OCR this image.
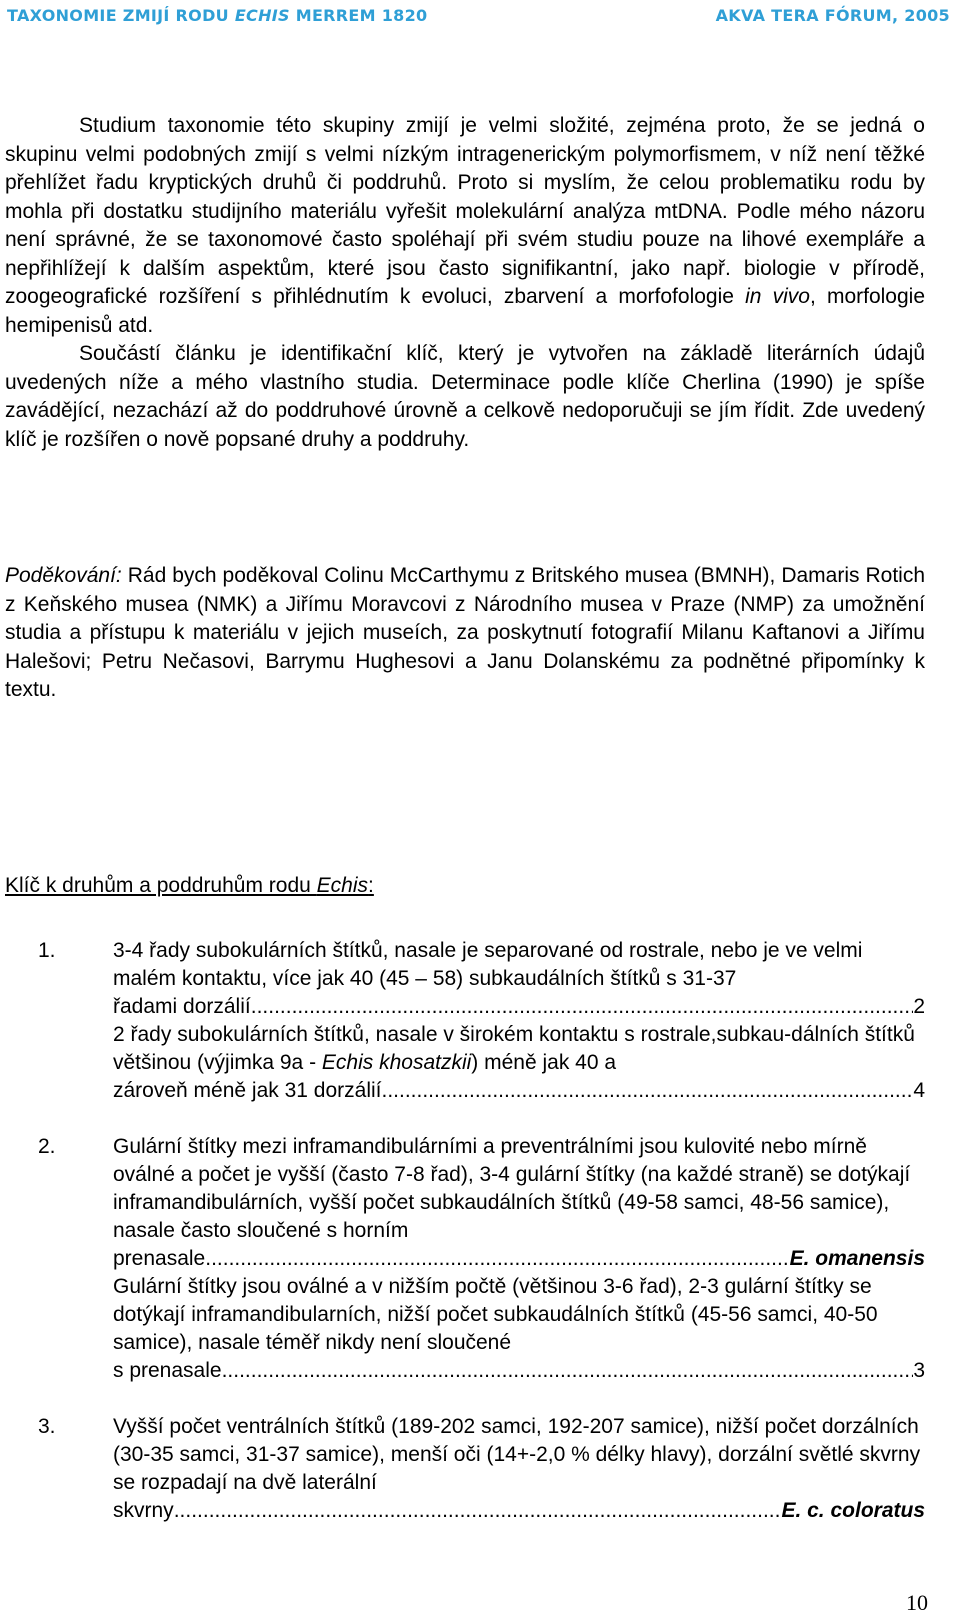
TAXONOMIE ZMIJÍ RODU ECHIS MERREM 1820	AKVA TERA FÓRUM, 2005

Studium taxonomie této skupiny zmijí je velmi složité, zejména proto, že se jedná o skupinu velmi podobných zmijí s velmi nízkým intragenerickým polymorfismem, v níž není těžké přehlížet řadu kryptických druhů či poddruhů. Proto si myslím, že celou problematiku rodu by mohla při dostatku studijního materiálu vyřešit molekulární analýza mtDNA. Podle mého názoru není správné, že se taxonomové často spoléhají při svém studiu pouze na lihové exempláře a nepřihlížejí k dalším aspektům, které jsou často signifikantní, jako např. biologie v přírodě, zoogeografické rozšíření s přihlédnutím k evoluci, zbarvení a morfofologie in vivo, morfologie hemipenisů atd.

Součástí článku je identifikační klíč, který je vytvořen na základě literárních údajů uvedených níže a mého vlastního studia. Determinace podle klíče Cherlina (1990) je spíše zavádějící, nezachází až do poddruhové úrovně a celkově nedoporučuji se jím řídit. Zde uvedený klíč je rozšířen o nově popsané druhy a poddruhy.

Poděkování: Rád bych poděkoval Colinu McCarthymu z Britského musea (BMNH), Damaris Rotich z Keňského musea (NMK) a Jiřímu Moravcovi z Národního musea v Praze (NMP) za umožnění studia a přístupu k materiálu v jejich museích, za poskytnutí fotografií Milanu Kaftanovi a Jiřímu Halešovi; Petru Nečasovi, Barrymu Hughesovi a Janu Dolanskému za podnětné připomínky k textu.

Klíč k druhům a poddruhům rodu Echis:
1.	3-4 řady subokulárních štítků, nasale je separované od rostrale, nebo je ve velmi malém kontaktu, více jak 40 (45 – 58) subkaudálních štítků s 31-37
řadami dorzálií .....	2
2 řady subokulárních štítků, nasale v širokém kontaktu s rostrale,subkau-dálních štítků většinou (výjimka 9a - Echis khosatzkii) méně jak 40 a
zároveň méně jak 31 dorzálií .....	4
2.	Gulární štítky mezi inframandibulárními a preventrálními jsou kulovité nebo mírně oválné a počet je vyšší (často 7-8 řad), 3-4 gulární štítky (na každé straně) se dotýkají inframandibulárních, vyšší počet subkaudálních štítků (49-58 samci, 48-56 samice), nasale často sloučené s horním
prenasale .....	E. omanensis
Gulární štítky jsou oválné a v nižším počtě (většinou 3-6 řad), 2-3 gulární štítky se dotýkají inframandibularních, nižší počet subkaudálních štítků (45-56 samci, 40-50 samice), nasale téměř nikdy není sloučené
s prenasale .....	3
3.	Vyšší počet ventrálních štítků (189-202 samci, 192-207 samice), nižší počet dorzálních (30-35 samci, 31-37 samice), menší oči (14+-2,0 % délky hlavy), dorzální světlé skvrny se rozpadají na dvě laterální
skvrny .....	E. c. coloratus
10
